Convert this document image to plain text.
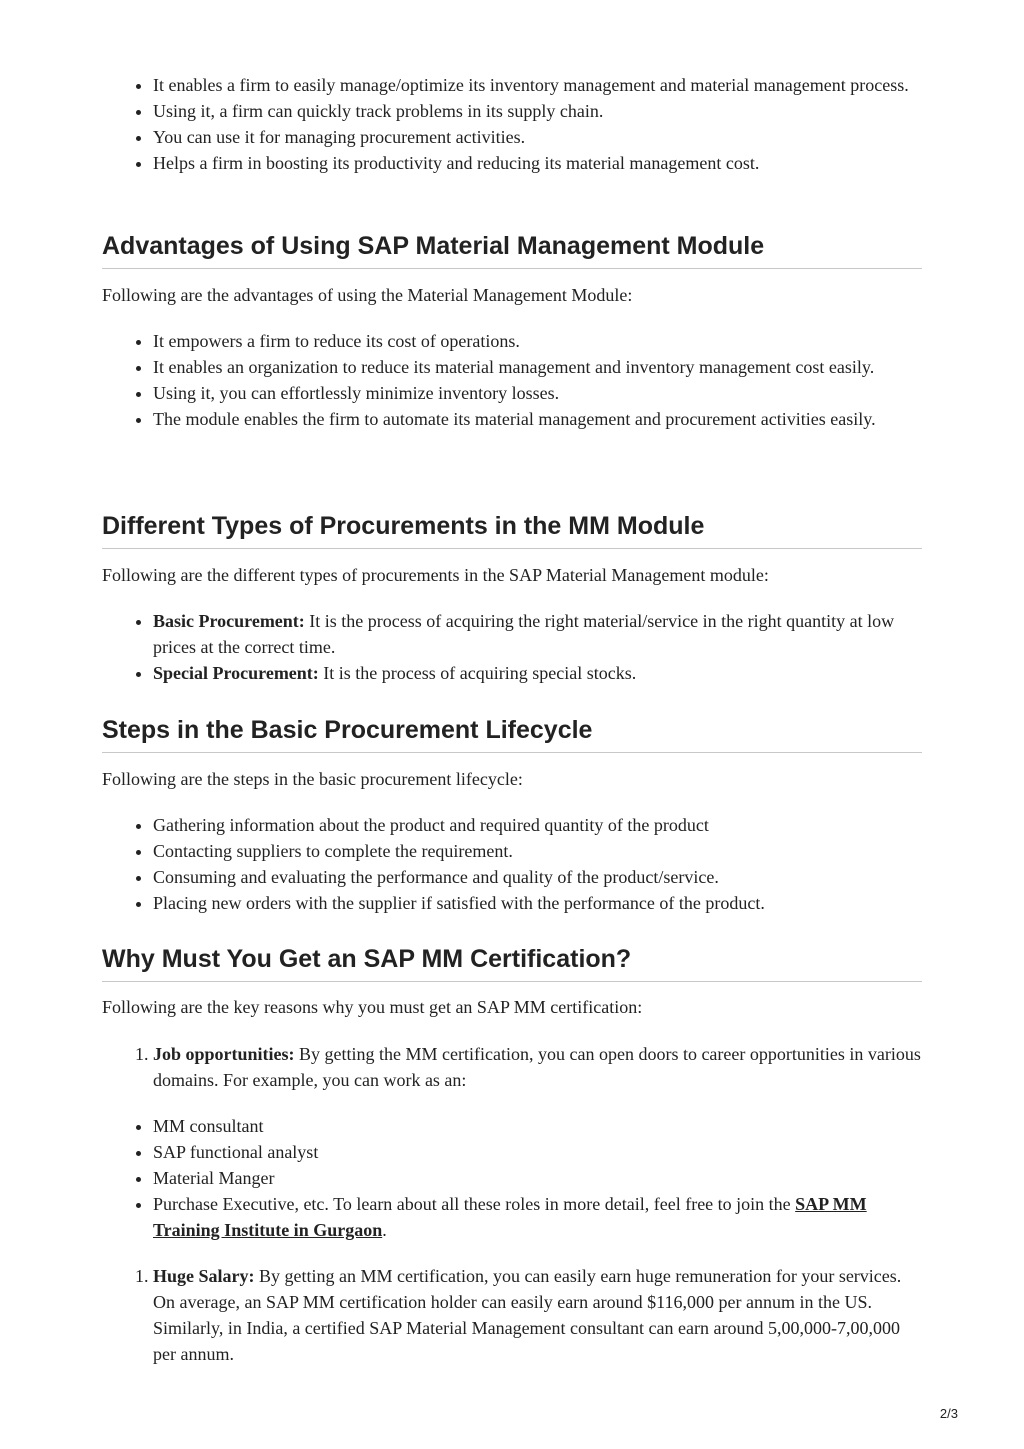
• It enables a firm to easily manage/optimize its inventory management and material management process.
• Using it, a firm can quickly track problems in its supply chain.
• You can use it for managing procurement activities.
• Helps a firm in boosting its productivity and reducing its material management cost.
Advantages of Using SAP Material Management Module

Following are the advantages of using the Material Management Module:

• It empowers a firm to reduce its cost of operations.
• It enables an organization to reduce its material management and inventory management cost easily.
• Using it, you can effortlessly minimize inventory losses.
• The module enables the firm to automate its material management and procurement activities easily.
Different Types of Procurements in the MM Module

Following are the different types of procurements in the SAP Material Management module:

• Basic Procurement: It is the process of acquiring the right material/service in the right quantity at low prices at the correct time.
• Special Procurement: It is the process of acquiring special stocks.
Steps in the Basic Procurement Lifecycle

Following are the steps in the basic procurement lifecycle:

• Gathering information about the product and required quantity of the product
• Contacting suppliers to complete the requirement.
• Consuming and evaluating the performance and quality of the product/service.
• Placing new orders with the supplier if satisfied with the performance of the product.
Why Must You Get an SAP MM Certification?

Following are the key reasons why you must get an SAP MM certification:

1. Job opportunities: By getting the MM certification, you can open doors to career opportunities in various domains. For example, you can work as an:
• MM consultant
• SAP functional analyst
• Material Manger
• Purchase Executive, etc. To learn about all these roles in more detail, feel free to join the SAP MM Training Institute in Gurgaon.
1. Huge Salary: By getting an MM certification, you can easily earn huge remuneration for your services. On average, an SAP MM certification holder can easily earn around $116,000 per annum in the US. Similarly, in India, a certified SAP Material Management consultant can earn around 5,00,000-7,00,000 per annum.
2/3
